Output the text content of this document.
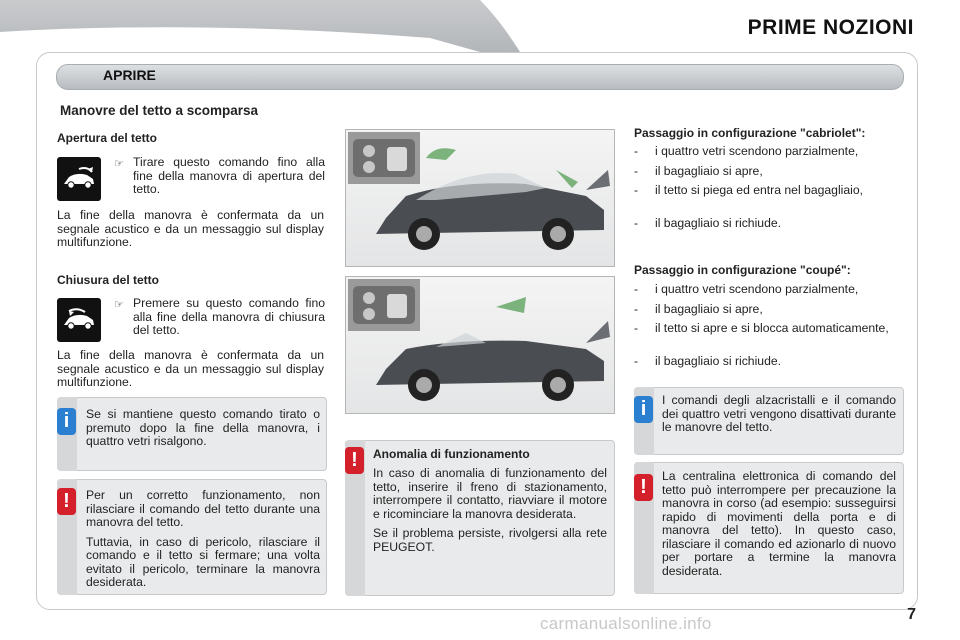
PRIME NOZIONI
APRIRE
Manovre del tetto a scomparsa
Apertura del tetto
☞ Tirare questo comando fino alla fine della manovra di apertura del tetto.
La fine della manovra è confermata da un segnale acustico e da un messaggio sul display multifunzione.
Chiusura del tetto
☞ Premere su questo comando fino alla fine della manovra di chiusura del tetto.
La fine della manovra è confermata da un segnale acustico e da un messaggio sul display multifunzione.
i	Se si mantiene questo comando tirato o premuto dopo la fine della manovra, i quattro vetri risalgono.
!	Per un corretto funzionamento, non rilasciare il comando del tetto durante una manovra del tetto.

Tuttavia, in caso di pericolo, rilasciare il comando e il tetto si fermare; una volta evitato il pericolo, terminare la manovra desiderata.

!	Anomalia di funzionamento

In caso di anomalia di funzionamento del tetto, inserire il freno di stazionamento, interrompere il contatto, riavviare il motore e ricominciare la manovra desiderata.

Se il problema persiste, rivolgersi alla rete PEUGEOT.

Passaggio in configurazione "cabriolet":
- i quattro vetri scendono parzialmente,
- il bagagliaio si apre,
- il tetto si piega ed entra nel bagagliaio,
- il bagagliaio si richiude.
Passaggio in configurazione "coupé":
- i quattro vetri scendono parzialmente,
- il bagagliaio si apre,
- il tetto si apre e si blocca automaticamente,
- il bagagliaio si richiude.
i	I comandi degli alzacristalli e il comando dei quattro vetri vengono disattivati durante le manovre del tetto.
!	La centralina elettronica di comando del tetto può interrompere per precauzione la manovra in corso (ad esempio: susseguirsi rapido di movimenti della porta e di manovra del tetto). In questo caso, rilasciare il comando ed azionarlo di nuovo per portare a termine la manovra desiderata.
7
carmanualsonline.info
